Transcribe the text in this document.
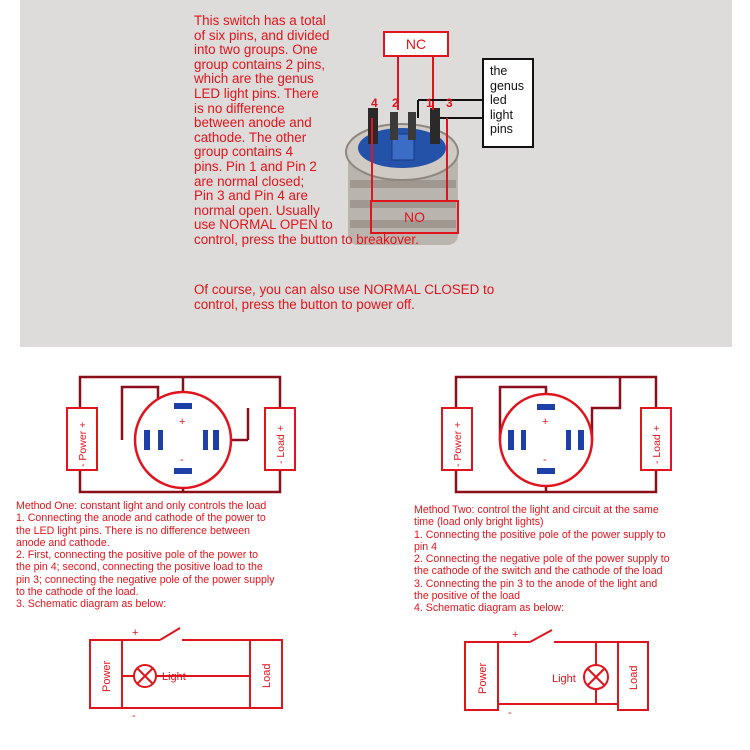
This switch has a total
of six pins, and divided
into two groups. One
group contains 2 pins,
which are the genus
LED light pins. There
is no difference
between anode and
cathode. The other
group contains 4
pins. Pin 1 and Pin 2
are normal closed;
Pin 3 and Pin 4 are
normal open. Usually
use NORMAL OPEN to
control, press the button to breakover.
Of course, you can also use NORMAL CLOSED to
control, press the button to power off.
NC
NO
the
genus
led
light
pins
4 2 1 3
+
-
- Power +	- Load +
Method One: constant light and only controls the load
1. Connecting the anode and cathode of the power to
the LED light pins. There is no difference between
anode and cathode.
2. First, connecting the positive pole of the power to
the pin 4; second, connecting the positive load to the
pin 3; connecting the negative pole of the power supply
to the cathode of the load.
3. Schematic diagram as below:
Light
+
-
Power	Load
+
-
- Power +	- Load +
Method Two: control the light and circuit at the same
time (load only bright lights)
1. Connecting the positive pole of the power supply to
pin 4
2. Connecting the negative pole of the power supply to
the cathode of the switch and the cathode of the load
3. Connecting the pin 3 to the anode of the light and
the positive of the load
4. Schematic diagram as below:
Light
+
-
Power	Load
